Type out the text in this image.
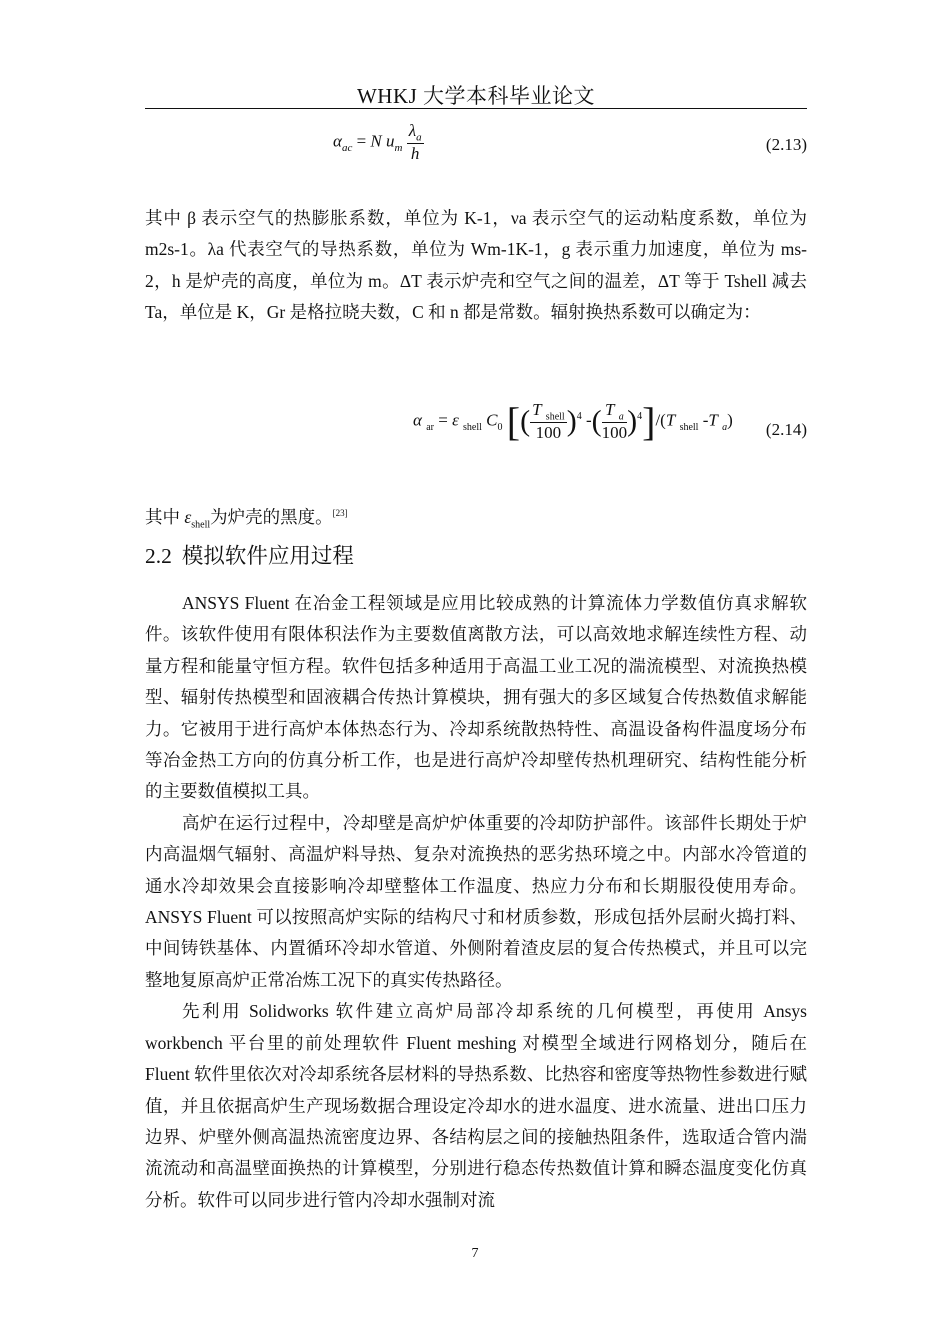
WHKJ 大学本科毕业论文
$\alpha_{ac} = N$ $u_m \frac{\lambda_a}{h}$	(2.13)

其中 β 表示空气的热膨胀系数，单位为 K-1，νa 表示空气的运动粘度系数，单位为 m2s-1。λa 代表空气的导热系数，单位为 Wm-1K-1，g 表示重力加速度，单位为 ms-2，h 是炉壳的高度，单位为 m。ΔT 表示炉壳和空气之间的温差，ΔT 等于 Tshell 减去 Ta，单位是 K，Gr 是格拉晓夫数，C 和 n 都是常数。辐射换热系数可以确定为：

α $_{ar}$ = ε $_{shell}$ $C_0$ [( $\frac{T _{shell}}{100} )^4$ -( $\frac{T _a}{100} )^4]/(T$ $_{shell}$ -T $_a$)
(2.14)

其中 $\varepsilon_{shell}$为炉壳的黑度。[23]

2.2 模拟软件应用过程

ANSYS Fluent 在冶金工程领域是应用比较成熟的计算流体力学数值仿真求解软件。该软件使用有限体积法作为主要数值离散方法，可以高效地求解连续性方程、动量方程和能量守恒方程。软件包括多种适用于高温工业工况的湍流模型、对流换热模型、辐射传热模型和固液耦合传热计算模块，拥有强大的多区域复合传热数值求解能力。它被用于进行高炉本体热态行为、冷却系统散热特性、高温设备构件温度场分布等冶金热工方向的仿真分析工作，也是进行高炉冷却壁传热机理研究、结构性能分析的主要数值模拟工具。

高炉在运行过程中，冷却壁是高炉炉体重要的冷却防护部件。该部件长期处于炉内高温烟气辐射、高温炉料导热、复杂对流换热的恶劣热环境之中。内部水冷管道的通水冷却效果会直接影响冷却壁整体工作温度、热应力分布和长期服役使用寿命。ANSYS Fluent 可以按照高炉实际的结构尺寸和材质参数，形成包括外层耐火捣打料、中间铸铁基体、内置循环冷却水管道、外侧附着渣皮层的复合传热模式，并且可以完整地复原高炉正常冶炼工况下的真实传热路径。

先利用 Solidworks 软件建立高炉局部冷却系统的几何模型，再使用 Ansys workbench 平台里的前处理软件 Fluent meshing 对模型全域进行网格划分，随后在 Fluent 软件里依次对冷却系统各层材料的导热系数、比热容和密度等热物性参数进行赋值，并且依据高炉生产现场数据合理设定冷却水的进水温度、进水流量、进出口压力边界、炉壁外侧高温热流密度边界、各结构层之间的接触热阻条件，选取适合管内湍流流动和高温壁面换热的计算模型，分别进行稳态传热数值计算和瞬态温度变化仿真分析。软件可以同步进行管内冷却水强制对流

7
